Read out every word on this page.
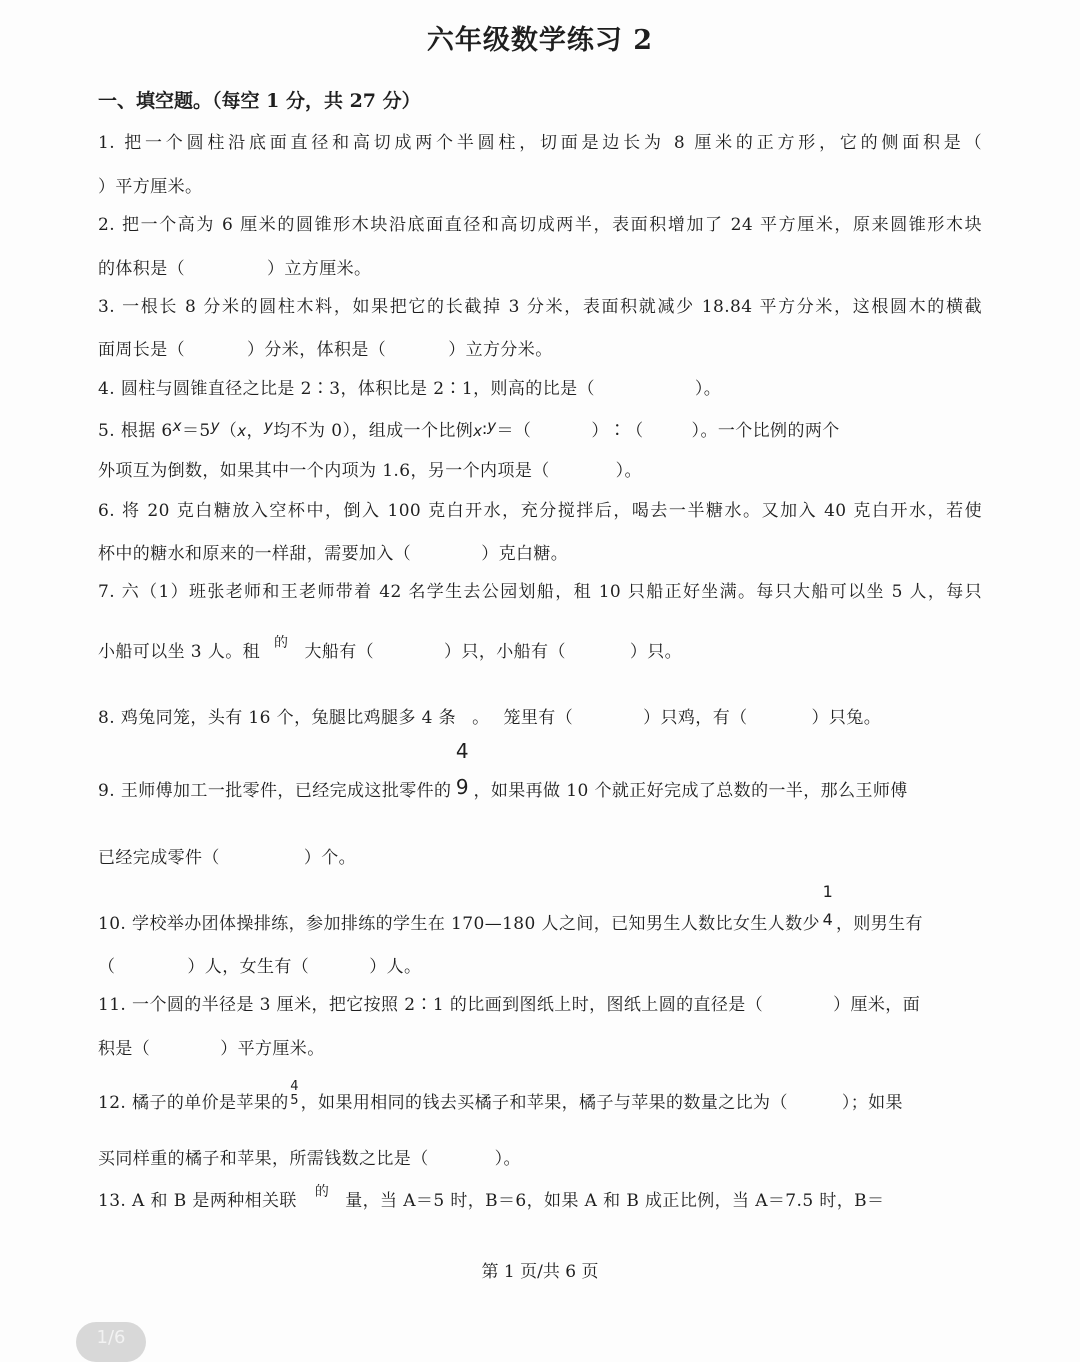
六年级数学练习 2
一、填空题。（每空 1 分，共 27 分）
1. 把一个圆柱沿底面直径和高切成两个半圆柱，切面是边长为 8 厘米的正方形，它的侧面积是（
）平方厘米。
2. 把一个高为 6 厘米的圆锥形木块沿底面直径和高切成两半，表面积增加了 24 平方厘米，原来圆锥形木块
的体积是（	）立方厘米。
3. 一根长 8 分米的圆柱木料，如果把它的长截掉 3 分米，表面积就减少 18.84 平方分米，这根圆木的横截
面周长是（	）分米，体积是（	）立方分米。
4. 圆柱与圆锥直径之比是 2∶3，体积比是 2∶1，则高的比是（	）。
5. 根据 6x＝5y（x，y均不为 0），组成一个比例x∶y＝（	）∶（	）。一个比例的两个
外项互为倒数，如果其中一个内项为 1.6，另一个内项是（	）。
6. 将 20 克白糖放入空杯中，倒入 100 克白开水，充分搅拌后，喝去一半糖水。又加入 40 克白开水，若使
杯中的糖水和原来的一样甜，需要加入（	）克白糖。
7. 六（1）班张老师和王老师带着 42 名学生去公园划船，租 10 只船正好坐满。每只大船可以坐 5 人，每只
小船可以坐 3 人。租 $^的$ 大船有（	）只，小船有（	）只。
8. 鸡兔同笼，头有 16 个，兔腿比鸡腿多 4 条 。 笼里有（	）只鸡，有（	）只兔。
9. 王师傅加工一批零件，已经完成这批零件的
4
9 ，如果再做 10 个就正好完成了总数的一半，那么王师傅
已经完成零件（	）个。
10. 学校举办团体操排练，参加排练的学生在 170—180 人之间，已知男生人数比女生人数少
1
4 ，则男生有
（	）人，女生有（	）人。
11. 一个圆的半径是 3 厘米，把它按照 2∶1 的比画到图纸上时，图纸上圆的直径是（	）厘米，面
积是（	）平方厘米。
12. 橘子的单价是苹果的
4
5 ，如果用相同的钱去买橘子和苹果，橘子与苹果的数量之比为（	）；如果
买同样重的橘子和苹果，所需钱数之比是（	）。
13. A 和 B 是两种相关联 $^的$ 量，当 A＝5 时，B＝6，如果 A 和 B 成正比例，当 A＝7.5 时，B＝
第 1 页/共 6 页
1/6
